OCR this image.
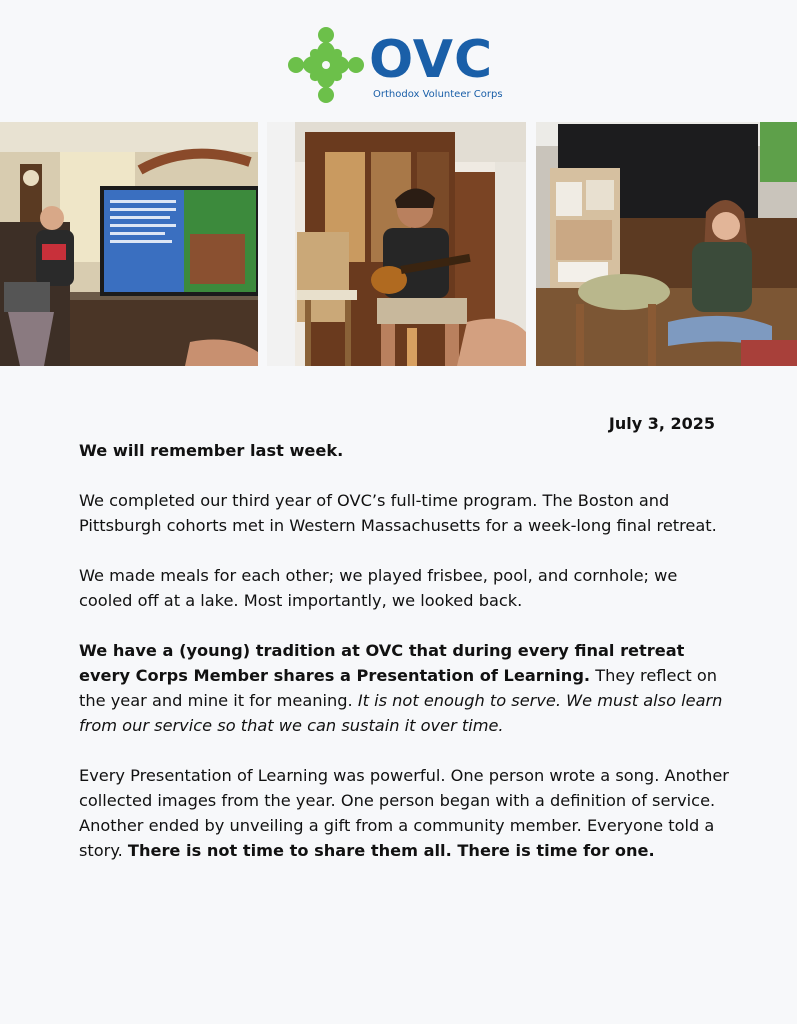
OVC
Orthodox Volunteer Corps
July 3, 2025

We will remember last week.

We completed our third year of OVC’s full-time program. The Boston and Pittsburgh cohorts met in Western Massachusetts for a week-long final retreat.

We made meals for each other; we played frisbee, pool, and cornhole; we cooled off at a lake. Most importantly, we looked back.

We have a (young) tradition at OVC that during every final retreat every Corps Member shares a Presentation of Learning. They reflect on the year and mine it for meaning. It is not enough to serve. We must also learn from our service so that we can sustain it over time.

Every Presentation of Learning was powerful. One person wrote a song. Another collected images from the year. One person began with a definition of service. Another ended by unveiling a gift from a community member. Everyone told a story. There is not time to share them all. There is time for one.
